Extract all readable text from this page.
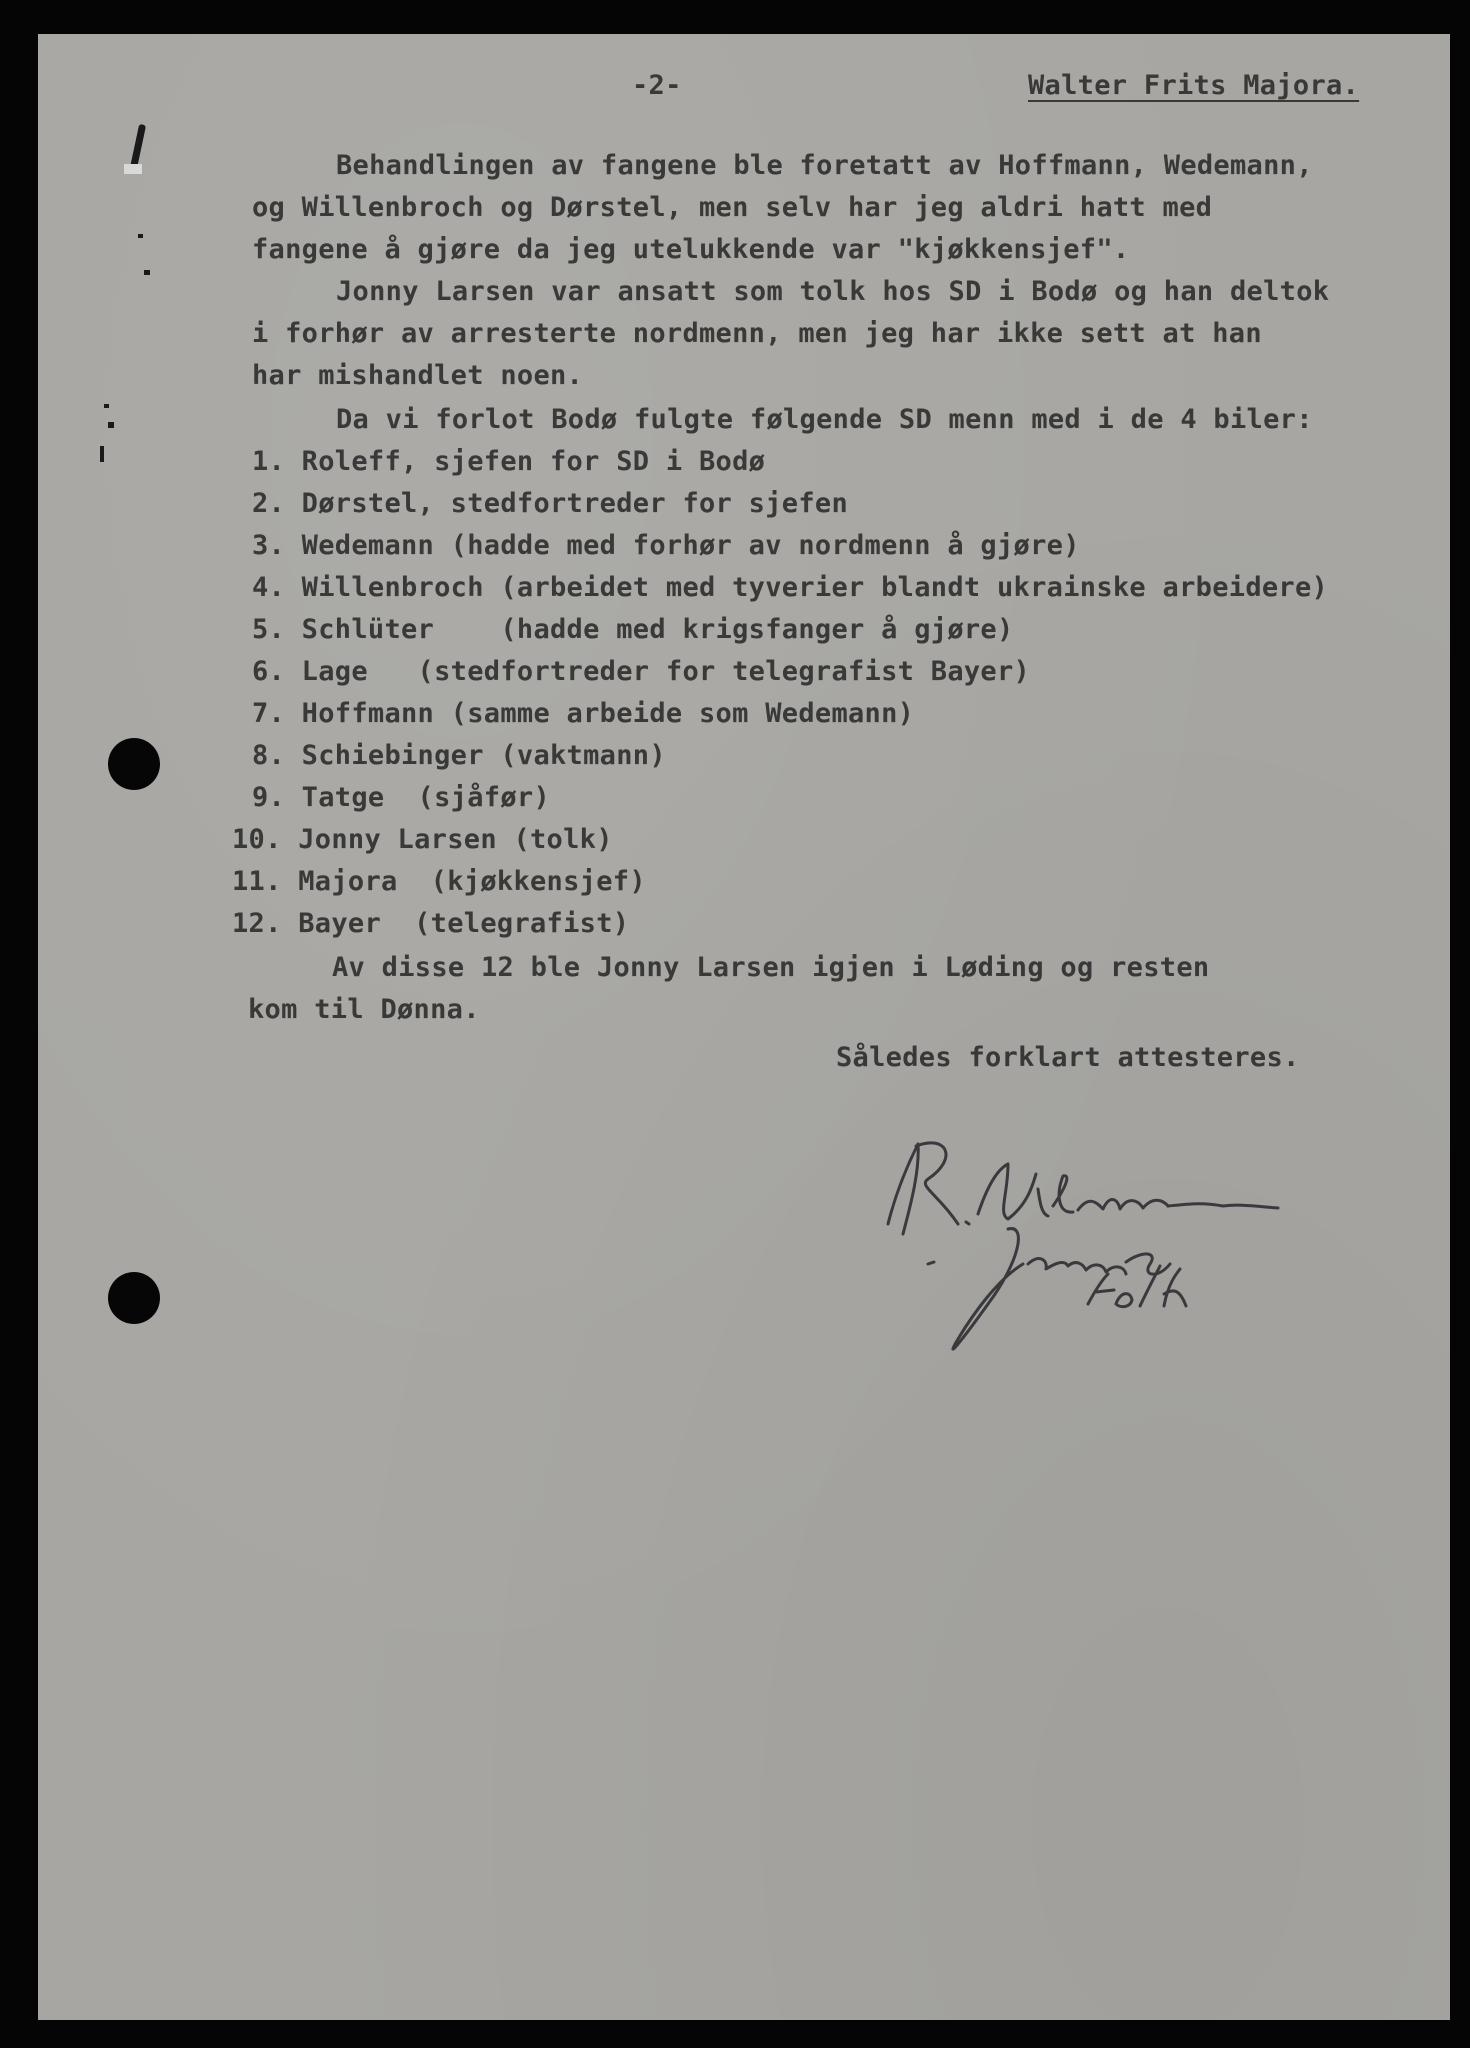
-2-	Walter Frits Majora.
Behandlingen av fangene ble foretatt av Hoffmann, Wedemann,
og Willenbroch og Dørstel, men selv har jeg aldri hatt med
fangene å gjøre da jeg utelukkende var "kjøkkensjef".
Jonny Larsen var ansatt som tolk hos SD i Bodø og han deltok
i forhør av arresterte nordmenn, men jeg har ikke sett at han
har mishandlet noen.
Da vi forlot Bodø fulgte følgende SD menn med i de 4 biler:
1. Roleff, sjefen for SD i Bodø
2. Dørstel, stedfortreder for sjefen
3. Wedemann (hadde med forhør av nordmenn å gjøre)
4. Willenbroch (arbeidet med tyverier blandt ukrainske arbeidere)
5. Schlüter    (hadde med krigsfanger å gjøre)
6. Lage   (stedfortreder for telegrafist Bayer)
7. Hoffmann (samme arbeide som Wedemann)
8. Schiebinger (vaktmann)
9. Tatge  (sjåfør)
10. Jonny Larsen (tolk)
11. Majora  (kjøkkensjef)
12. Bayer  (telegrafist)
Av disse 12 ble Jonny Larsen igjen i Løding og resten
kom til Dønna.
Således forklart attesteres.
